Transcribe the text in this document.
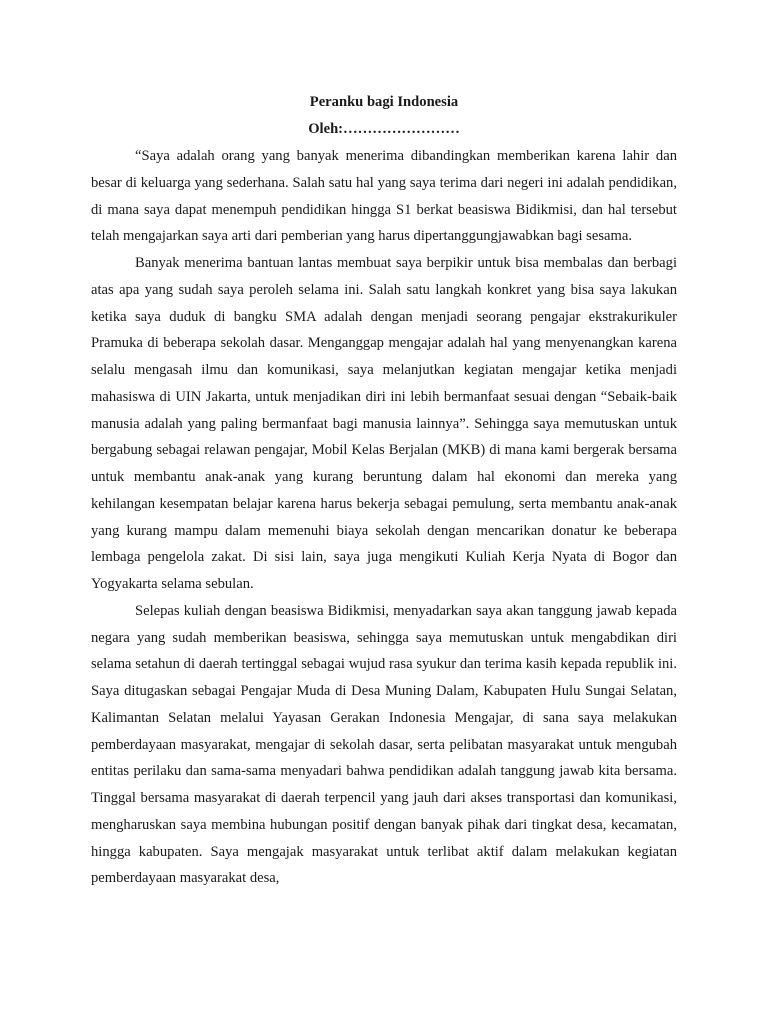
Peranku bagi Indonesia

Oleh:……………………

“Saya adalah orang yang banyak menerima dibandingkan memberikan karena lahir dan besar di keluarga yang sederhana. Salah satu hal yang saya terima dari negeri ini adalah pendidikan, di mana saya dapat menempuh pendidikan hingga S1 berkat beasiswa Bidikmisi, dan hal tersebut telah mengajarkan saya arti dari pemberian yang harus dipertanggungjawabkan bagi sesama.

Banyak menerima bantuan lantas membuat saya berpikir untuk bisa membalas dan berbagi atas apa yang sudah saya peroleh selama ini. Salah satu langkah konkret yang bisa saya lakukan ketika saya duduk di bangku SMA adalah dengan menjadi seorang pengajar ekstrakurikuler Pramuka di beberapa sekolah dasar. Menganggap mengajar adalah hal yang menyenangkan karena selalu mengasah ilmu dan komunikasi, saya melanjutkan kegiatan mengajar ketika menjadi mahasiswa di UIN Jakarta, untuk menjadikan diri ini lebih bermanfaat sesuai dengan “Sebaik-baik manusia adalah yang paling bermanfaat bagi manusia lainnya”. Sehingga saya memutuskan untuk bergabung sebagai relawan pengajar, Mobil Kelas Berjalan (MKB) di mana kami bergerak bersama untuk membantu anak-anak yang kurang beruntung dalam hal ekonomi dan mereka yang kehilangan kesempatan belajar karena harus bekerja sebagai pemulung, serta membantu anak-anak yang kurang mampu dalam memenuhi biaya sekolah dengan mencarikan donatur ke beberapa lembaga pengelola zakat. Di sisi lain, saya juga mengikuti Kuliah Kerja Nyata di Bogor dan Yogyakarta selama sebulan.

Selepas kuliah dengan beasiswa Bidikmisi, menyadarkan saya akan tanggung jawab kepada negara yang sudah memberikan beasiswa, sehingga saya memutuskan untuk mengabdikan diri selama setahun di daerah tertinggal sebagai wujud rasa syukur dan terima kasih kepada republik ini. Saya ditugaskan sebagai Pengajar Muda di Desa Muning Dalam, Kabupaten Hulu Sungai Selatan, Kalimantan Selatan melalui Yayasan Gerakan Indonesia Mengajar, di sana saya melakukan pemberdayaan masyarakat, mengajar di sekolah dasar, serta pelibatan masyarakat untuk mengubah entitas perilaku dan sama-sama menyadari bahwa pendidikan adalah tanggung jawab kita bersama. Tinggal bersama masyarakat di daerah terpencil yang jauh dari akses transportasi dan komunikasi, mengharuskan saya membina hubungan positif dengan banyak pihak dari tingkat desa, kecamatan, hingga kabupaten. Saya mengajak masyarakat untuk terlibat aktif dalam melakukan kegiatan pemberdayaan masyarakat desa,
